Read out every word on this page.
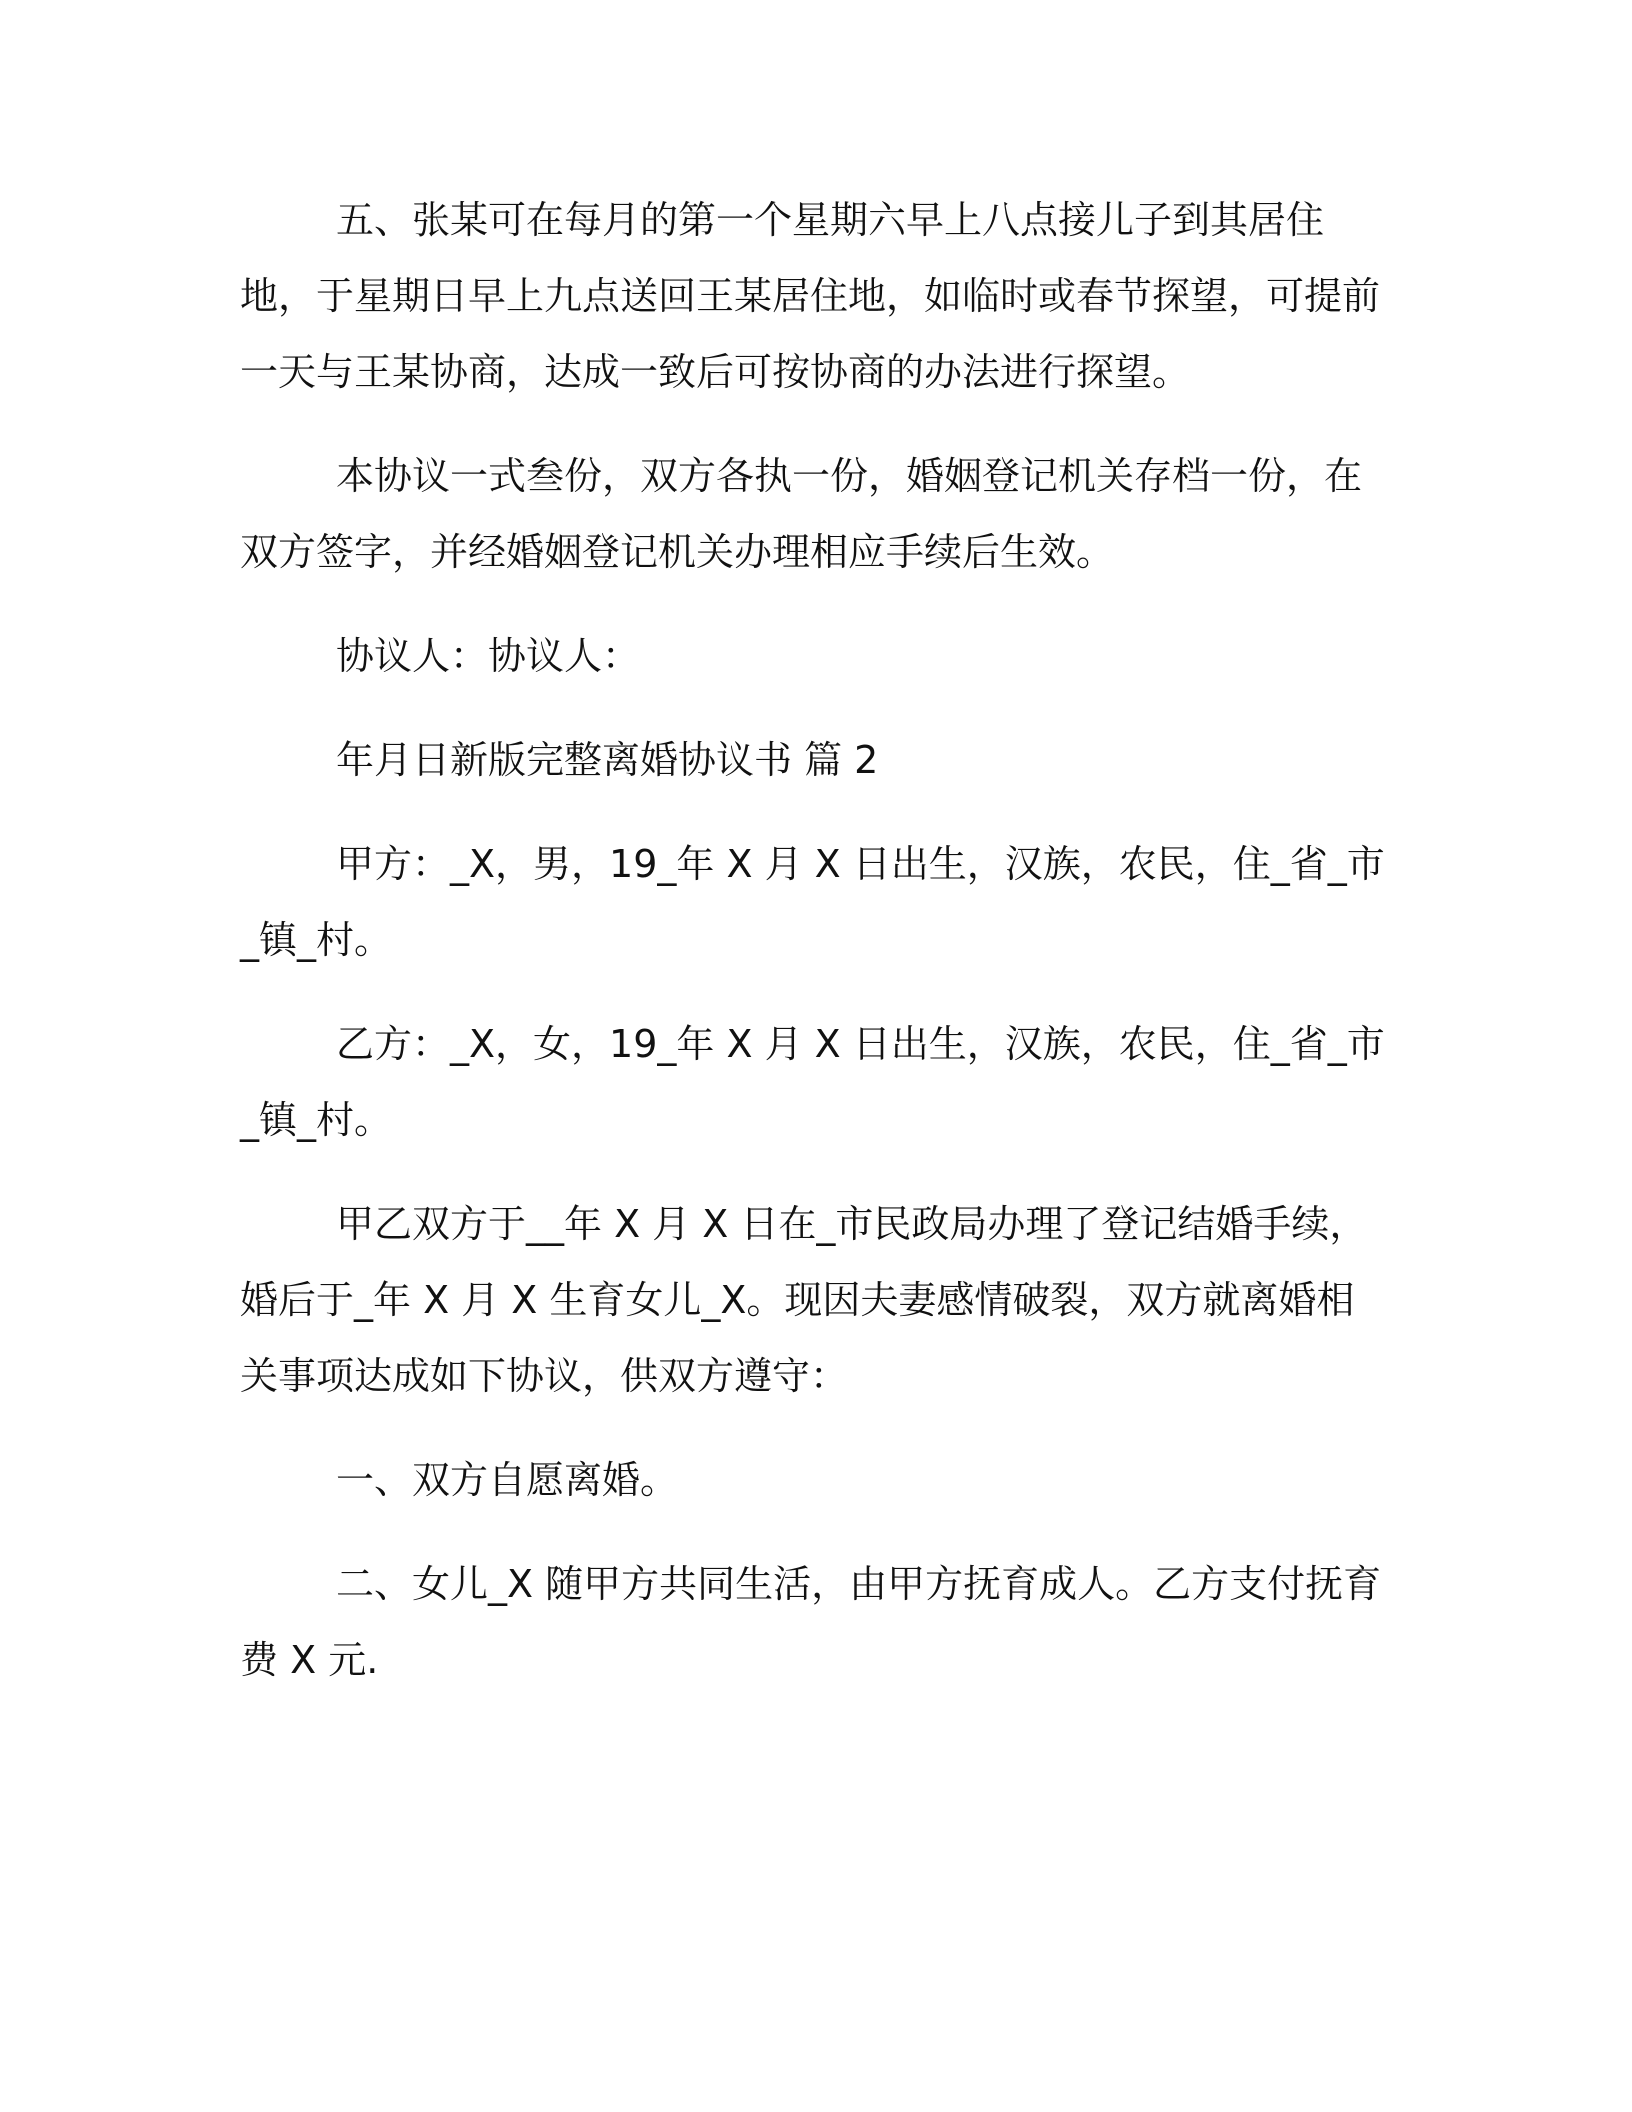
五、张某可在每月的第一个星期六早上八点接儿子到其居住地，于星期日早上九点送回王某居住地，如临时或春节探望，可提前一天与王某协商，达成一致后可按协商的办法进行探望。

本协议一式叁份，双方各执一份，婚姻登记机关存档一份，在双方签字，并经婚姻登记机关办理相应手续后生效。

协议人：协议人：

年月日新版完整离婚协议书 篇 2

甲方：_X，男，19_年 X 月 X 日出生，汉族，农民，住_省_市_镇_村。

乙方：_X，女，19_年 X 月 X 日出生，汉族，农民，住_省_市_镇_村。

甲乙双方于__年 X 月 X 日在_市民政局办理了登记结婚手续，婚后于_年 X 月 X 生育女儿_X。现因夫妻感情破裂，双方就离婚相关事项达成如下协议，供双方遵守：

一、双方自愿离婚。

二、女儿_X 随甲方共同生活，由甲方抚育成人。乙方支付抚育费 X 元.
